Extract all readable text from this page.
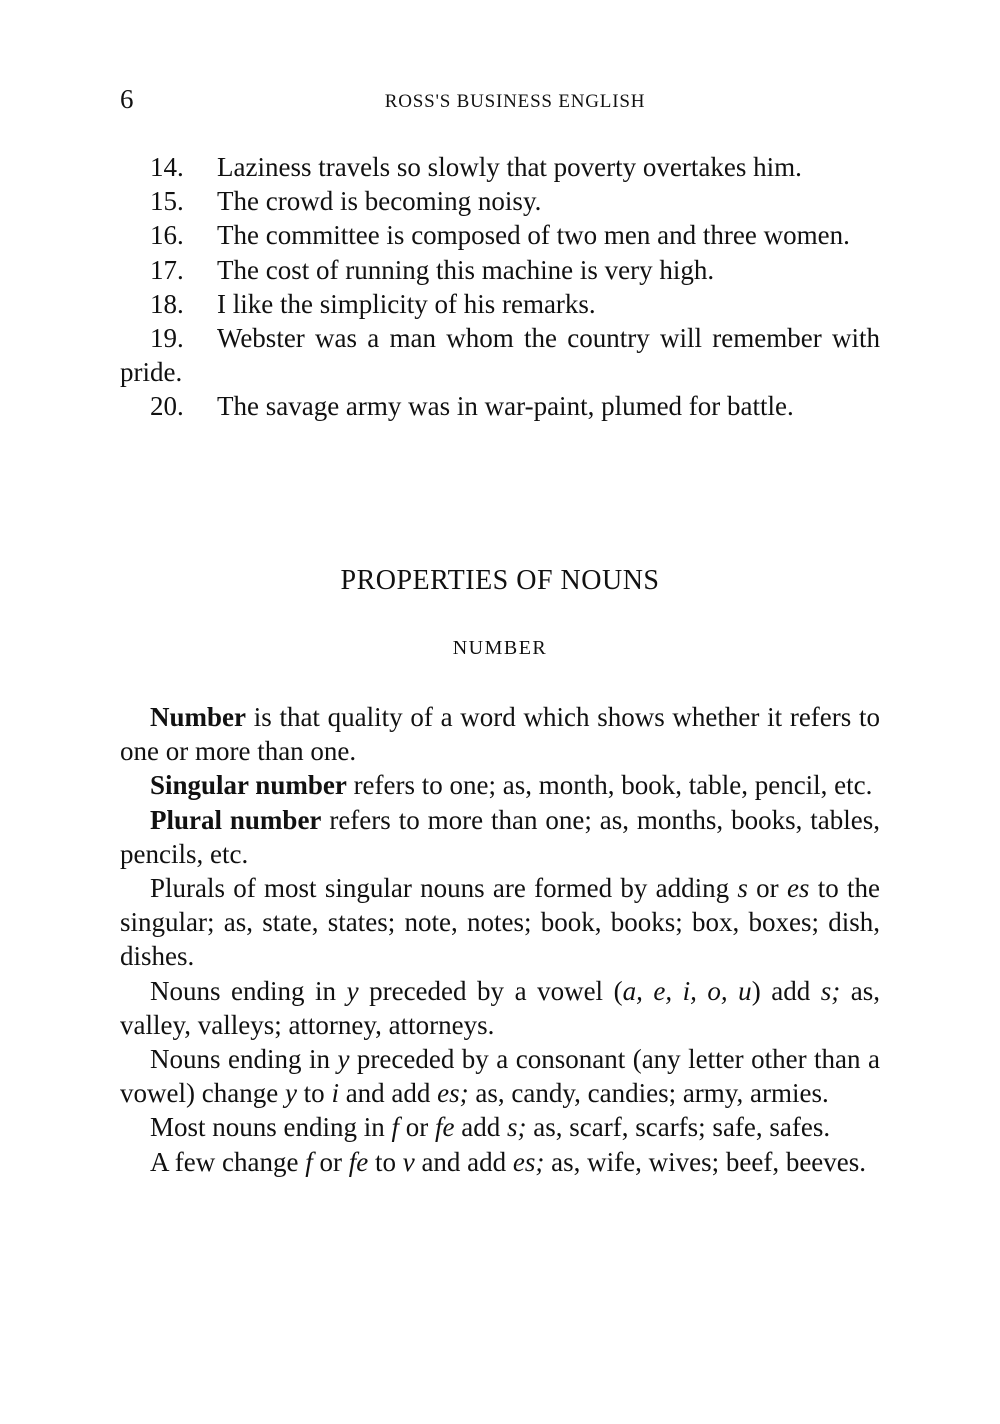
6	ROSS'S BUSINESS ENGLISH

14. Laziness travels so slowly that poverty overtakes him.

15. The crowd is becoming noisy.

16. The committee is composed of two men and three women.

17. The cost of running this machine is very high.

18. I like the simplicity of his remarks.

19. Webster was a man whom the country will remember with pride.

20. The savage army was in war-paint, plumed for battle.

PROPERTIES OF NOUNS
NUMBER

Number is that quality of a word which shows whether it refers to one or more than one.

Singular number refers to one; as, month, book, table, pencil, etc.

Plural number refers to more than one; as, months, books, tables, pencils, etc.

Plurals of most singular nouns are formed by adding s or es to the singular; as, state, states; note, notes; book, books; box, boxes; dish, dishes.

Nouns ending in y preceded by a vowel (a, e, i, o, u) add s; as, valley, valleys; attorney, attorneys.

Nouns ending in y preceded by a consonant (any letter other than a vowel) change y to i and add es; as, candy, candies; army, armies.

Most nouns ending in f or fe add s; as, scarf, scarfs; safe, safes.

A few change f or fe to v and add es; as, wife, wives; beef, beeves.
